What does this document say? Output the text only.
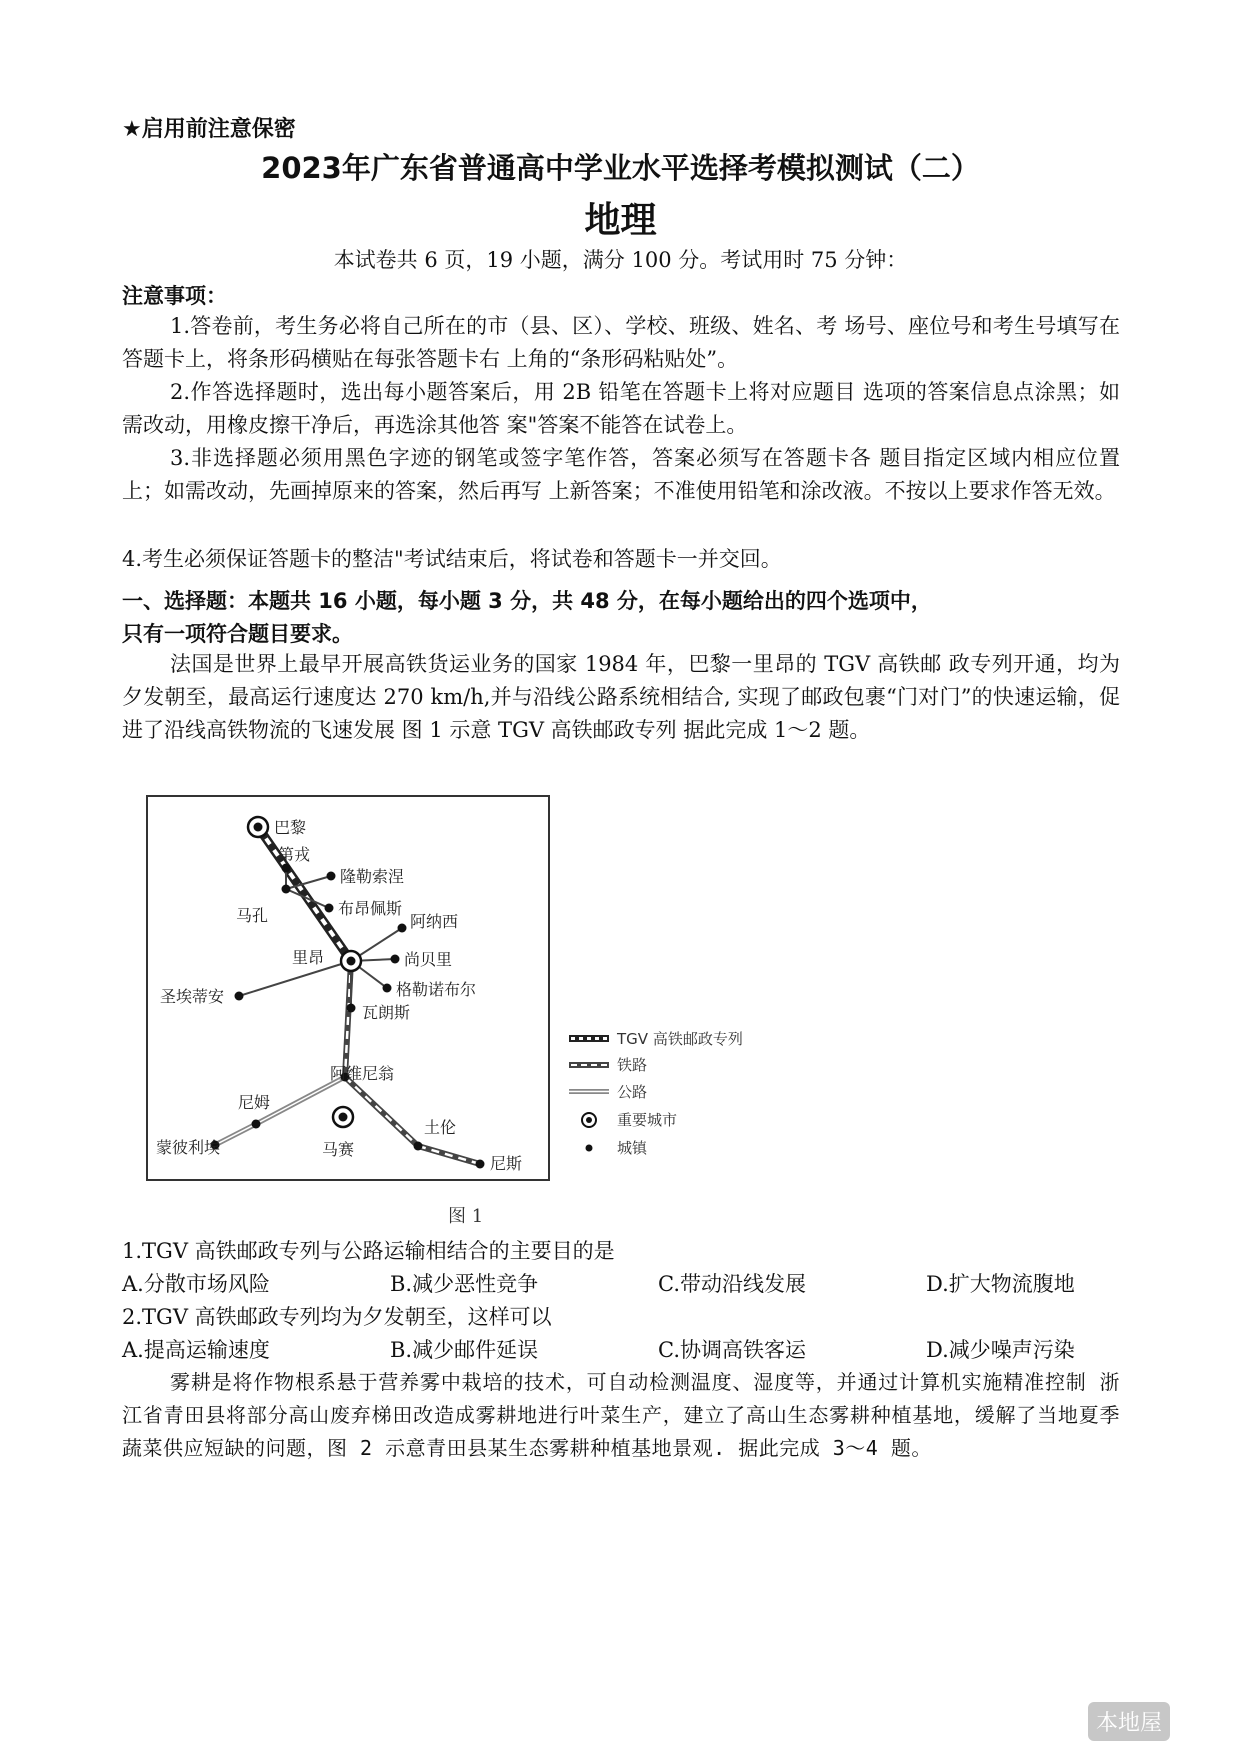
★启用前注意保密
2023年广东省普通高中学业水平选择考模拟测试（二）
地理
本试卷共 6 页，19 小题，满分 100 分。考试用时 75 分钟：
注意事项：

1.答卷前，考生务必将自己所在的市（县、区）、学校、班级、姓名、考 场号、座位号和考生号填写在答题卡上，将条形码横贴在每张答题卡右 上角的“条形码粘贴处”。

2.作答选择题时，选出每小题答案后，用 2B 铅笔在答题卡上将对应题目 选项的答案信息点涂黑；如需改动，用橡皮擦干净后，再选涂其他答 案"答案不能答在试卷上。

3.非选择题必须用黑色字迹的钢笔或签字笔作答，答案必须写在答题卡各 题目指定区域内相应位置上；如需改动，先画掉原来的答案，然后再写 上新答案；不准使用铅笔和涂改液。不按以上要求作答无效。

4.考生必须保证答题卡的整洁"考试结束后，将试卷和答题卡一并交回。

一、选择题：本题共 16 小题，每小题 3 分，共 48 分，在每小题给出的四个选项中，
只有一项符合题目要求。

法国是世界上最早开展高铁货运业务的国家 1984 年，巴黎一里昂的 TGV 高铁邮 政专列开通，均为夕发朝至，最高运行速度达 270 km/h,并与沿线公路系统相结合, 实现了邮政包裹“门对门”的快速运输，促进了沿线高铁物流的飞速发展 图 1 示意 TGV 高铁邮政专列 据此完成 1～2 题。

巴黎
第戎
隆勒索涅
布昂佩斯
马孔	阿纳西
里昂	尚贝里
格勒诺布尔
圣埃蒂安
瓦朗斯
阿维尼翁
尼姆
蒙彼利埃	马赛
土伦
尼斯
TGV 高铁邮政专列
铁路
公路
重要城市
城镇
图 1
1.TGV 高铁邮政专列与公路运输相结合的主要目的是
A.分散市场风险	B.减少恶性竞争	C.带动沿线发展	D.扩大物流腹地
2.TGV 高铁邮政专列均为夕发朝至，这样可以
A.提高运输速度	B.减少邮件延误	C.协调高铁客运	D.减少噪声污染

雾耕是将作物根系悬于营养雾中栽培的技术，可自动检测温度、湿度等，并通过计算机实施精准控制 浙江省青田县将部分高山废弃梯田改造成雾耕地进行叶菜生产，建立了高山生态雾耕种植基地，缓解了当地夏季蔬菜供应短缺的问题，图 2 示意青田县某生态雾耕种植基地景观. 据此完成 3～4 题。

本地屋
